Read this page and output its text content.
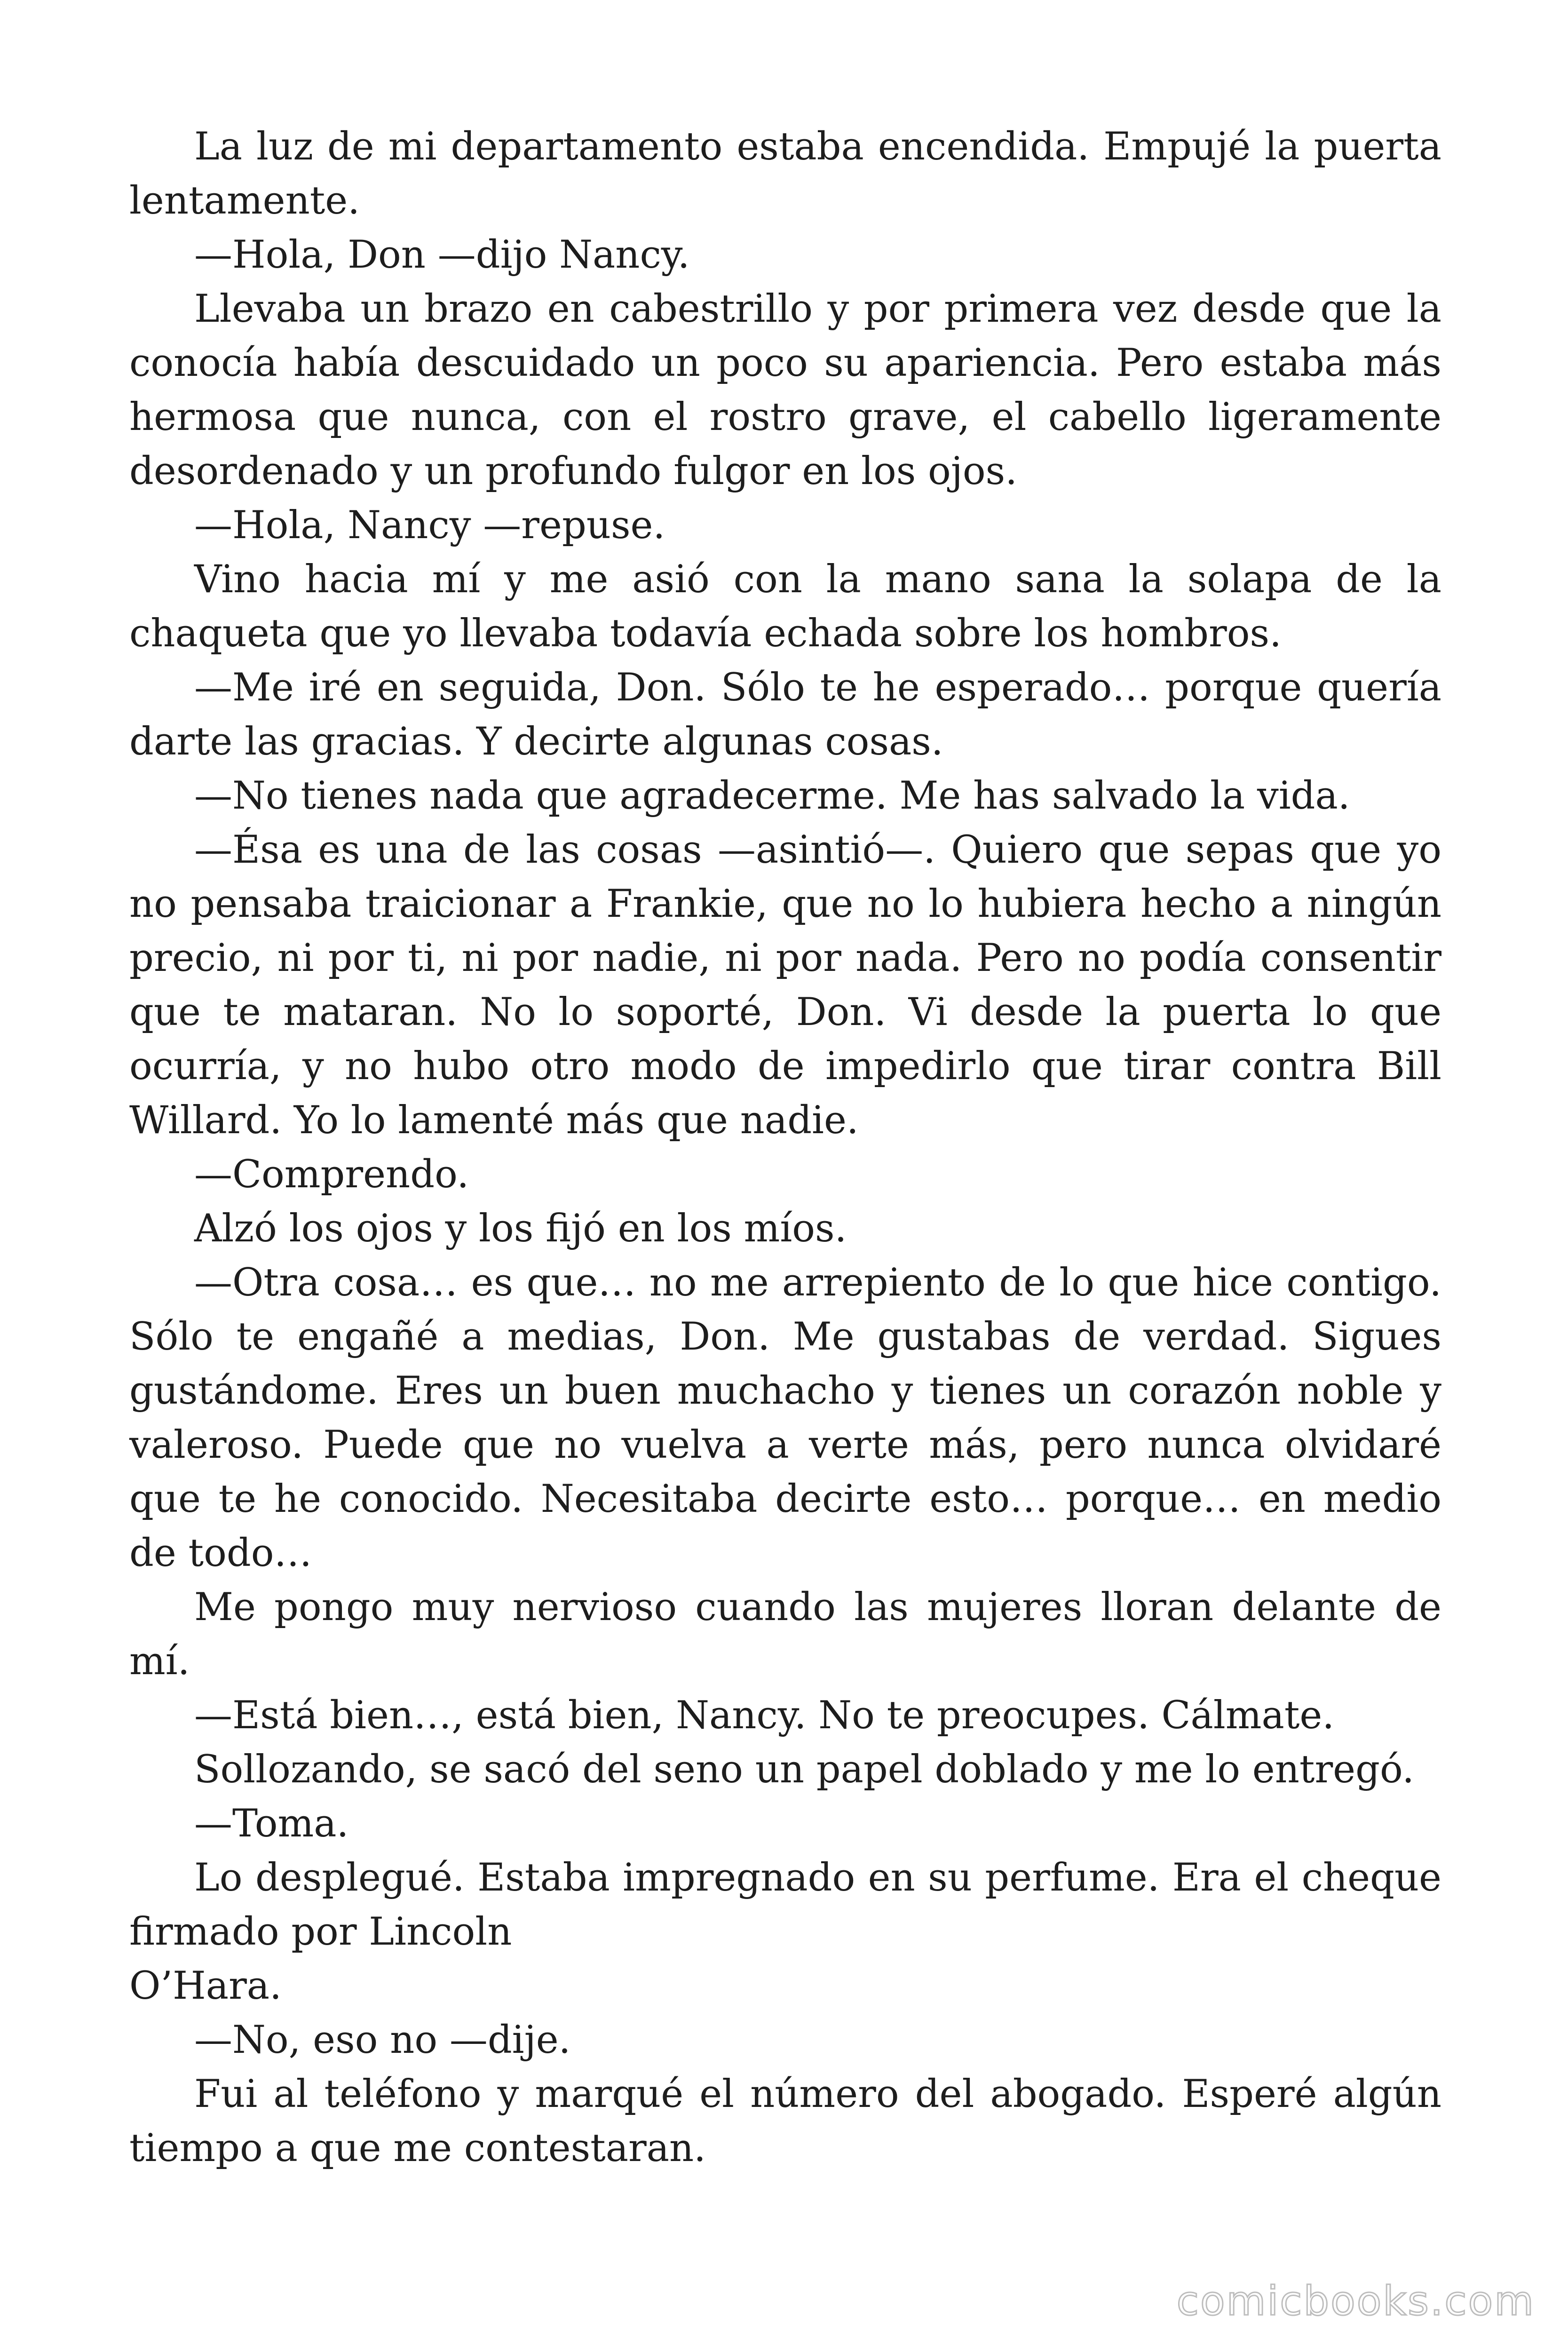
La luz de mi departamento estaba encendida. Empujé la puerta lentamente.

—Hola, Don —dijo Nancy.

Llevaba un brazo en cabestrillo y por primera vez desde que la conocía había descuidado un poco su apariencia. Pero estaba más hermosa que nunca, con el rostro grave, el cabello ligeramente desordenado y un profundo fulgor en los ojos.

—Hola, Nancy —repuse.

Vino hacia mí y me asió con la mano sana la solapa de la chaqueta que yo llevaba todavía echada sobre los hombros.

—Me iré en seguida, Don. Sólo te he esperado… porque quería darte las gracias. Y decirte algunas cosas.

—No tienes nada que agradecerme. Me has salvado la vida.

—Ésa es una de las cosas —asintió—. Quiero que sepas que yo no pensaba traicionar a Frankie, que no lo hubiera hecho a ningún precio, ni por ti, ni por nadie, ni por nada. Pero no podía consentir que te mataran. No lo soporté, Don. Vi desde la puerta lo que ocurría, y no hubo otro modo de impedirlo que tirar contra Bill Willard. Yo lo lamenté más que nadie.

—Comprendo.

Alzó los ojos y los fijó en los míos.

—Otra cosa… es que… no me arrepiento de lo que hice contigo. Sólo te engañé a medias, Don. Me gustabas de verdad. Sigues gustándome. Eres un buen muchacho y tienes un corazón noble y valeroso. Puede que no vuelva a verte más, pero nunca olvidaré que te he conocido. Necesitaba decirte esto… porque… en medio de todo…

Me pongo muy nervioso cuando las mujeres lloran delante de mí.

—Está bien…, está bien, Nancy. No te preocupes. Cálmate.

Sollozando, se sacó del seno un papel doblado y me lo entregó.

—Toma.

Lo desplegué. Estaba impregnado en su perfume. Era el cheque firmado por Lincoln

O’Hara.

—No, eso no —dije.

Fui al teléfono y marqué el número del abogado. Esperé algún tiempo a que me contestaran.

comicbooks.com
